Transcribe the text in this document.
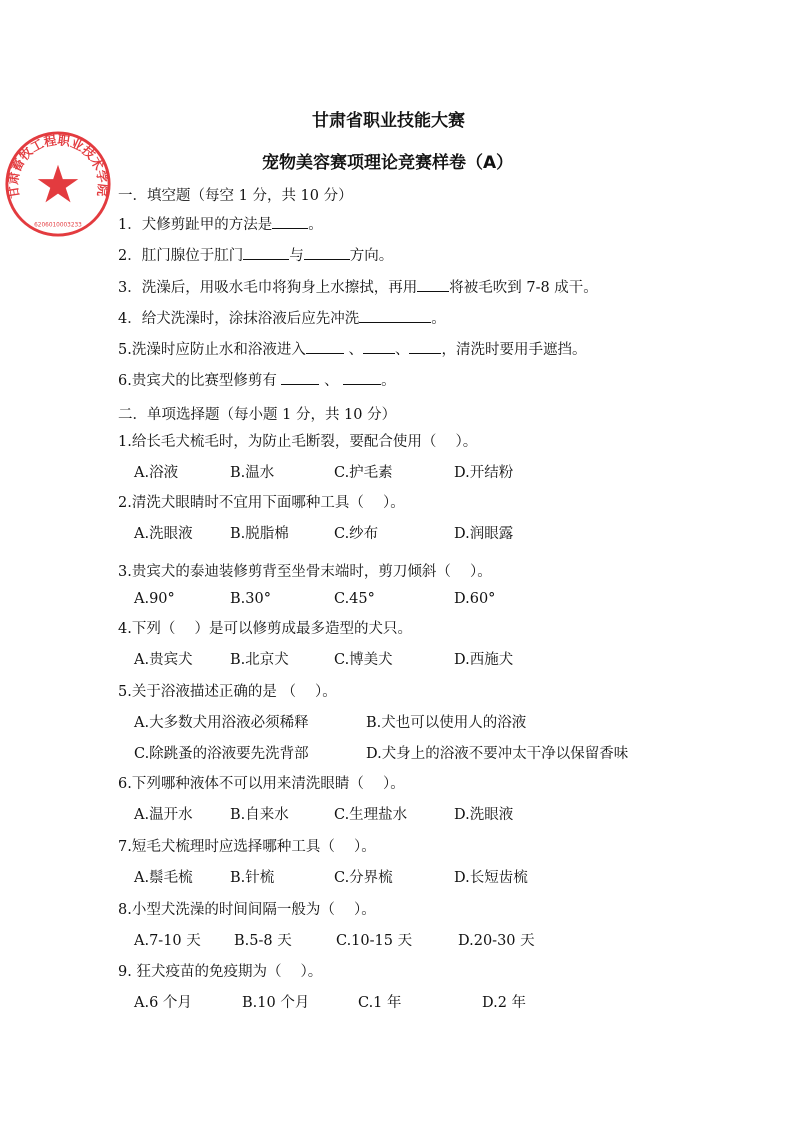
甘肃省职业技能大赛
宠物美容赛项理论竞赛样卷（A）
甘肃畜牧工程职业技术学院
6206010003233
一．填空题（每空 1 分，共 10 分）
1．犬修剪趾甲的方法是 。
2．肛门腺位于肛门	与	方向。
3．洗澡后，用吸水毛巾将狗身上水擦拭，再用 将被毛吹到 7-8 成干。
4．给犬洗澡时，涂抹浴液后应先冲洗	。
5.洗澡时应防止水和浴液进入	、 、 ，清洗时要用手遮挡。
6.贵宾犬的比赛型修剪有	、	。
二．单项选择题（每小题 1 分，共 10 分）
1.给长毛犬梳毛时，为防止毛断裂，要配合使用（　 ）。
A.浴液	B.温水	C.护毛素	D.开结粉
2.清洗犬眼睛时不宜用下面哪种工具（　 ）。
A.洗眼液	B.脱脂棉	C.纱布	D.润眼露
3.贵宾犬的泰迪装修剪背至坐骨末端时，剪刀倾斜（　 ）。
A.90°	B.30°	C.45°	D.60°
4.下列（　 ）是可以修剪成最多造型的犬只。
A.贵宾犬	B.北京犬	C.博美犬	D.西施犬
5.关于浴液描述正确的是 （　 ）。
A.大多数犬用浴液必须稀释	B.犬也可以使用人的浴液
C.除跳蚤的浴液要先洗背部	D.犬身上的浴液不要冲太干净以保留香味
6.下列哪种液体不可以用来清洗眼睛（　 ）。
A.温开水	B.自来水	C.生理盐水	D.洗眼液
7.短毛犬梳理时应选择哪种工具（　 ）。
A.鬃毛梳	B.针梳	C.分界梳	D.长短齿梳
8.小型犬洗澡的时间间隔一般为（　 ）。
A.7-10 天 B.5-8 天	C.10-15 天	D.20-30 天
9. 狂犬疫苗的免疫期为（　 ）。
A.6 个月	B.10 个月	C.1 年	D.2 年
